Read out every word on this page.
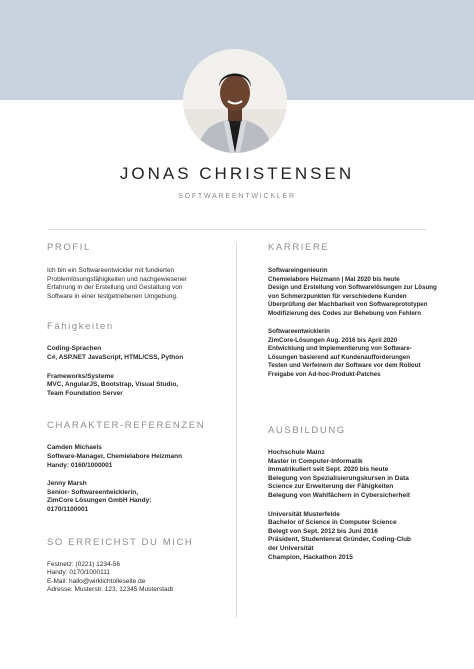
JONAS CHRISTENSEN
SOFTWAREENTWICKLER
PROFIL
Ich bin ein Softwareentwickler mit fundierten
Problemlösungsfähigkeiten und nachgewiesener
Erfahrung in der Erstellung und Gestaltung von
Software in einer testgetriebenen Umgebung.
Fähigkeiten
Coding-Sprachen
C#, ASP.NET JavaScript, HTML/CSS, Python
Frameworks/Systeme
MVC, AngularJS, Bootstrap, Visual Studio,
Team Foundation Server
CHARAKTER-REFERENZEN
Camden Michaels
Software-Manager, Chemielabore Heizmann
Handy: 0160/1000001
Jenny Marsh
Senior- Softwareentwicklerin,
ZimCore Lösungen GmbH Handy:
0170/1100001
SO ERREICHST DU MICH
Festnetz: (0221) 1234-56
Handy: 0170/1000111
E-Mail: hallo@wirklichtolleseite.de
Adresse: Musterstr. 123, 12345 Musterstadt
KARRIERE
Softwareingenieurin
Chemielabore Heizmann | Mai 2020 bis heute
Design und Erstellung von Softwarelösungen zur Lösung
von Schmerzpunkten für verschiedene Kunden
Überprüfung der Machbarkeit von Softwareprototypen
Modifizierung des Codes zur Behebung von Fehlern
Softwareentwicklerin
ZimCore-Lösungen Aug. 2016 bis April 2020
Entwicklung und Implementierung von Software-
Lösungen basierend auf Kundenaufforderungen
Testen und Verfeinern der Software vor dem Rollout
Freigabe von Ad-hoc-Produkt-Patches
AUSBILDUNG
Hochschule Mainz
Master in Computer-Informatik
Immatrikuliert seit Sept. 2020 bis heute
Belegung von Spezialisierungskursen in Data
Science zur Erweiterung der Fähigkeiten
Belegung von Wahlfächern in Cybersicherheit
Universität Musterfelde
Bachelor of Science in Computer Science
Belegt von Sept. 2012 bis Juni 2016
Präsident, Studentenrat Gründer, Coding-Club
der Universität
Champion, Hackathon 2015
